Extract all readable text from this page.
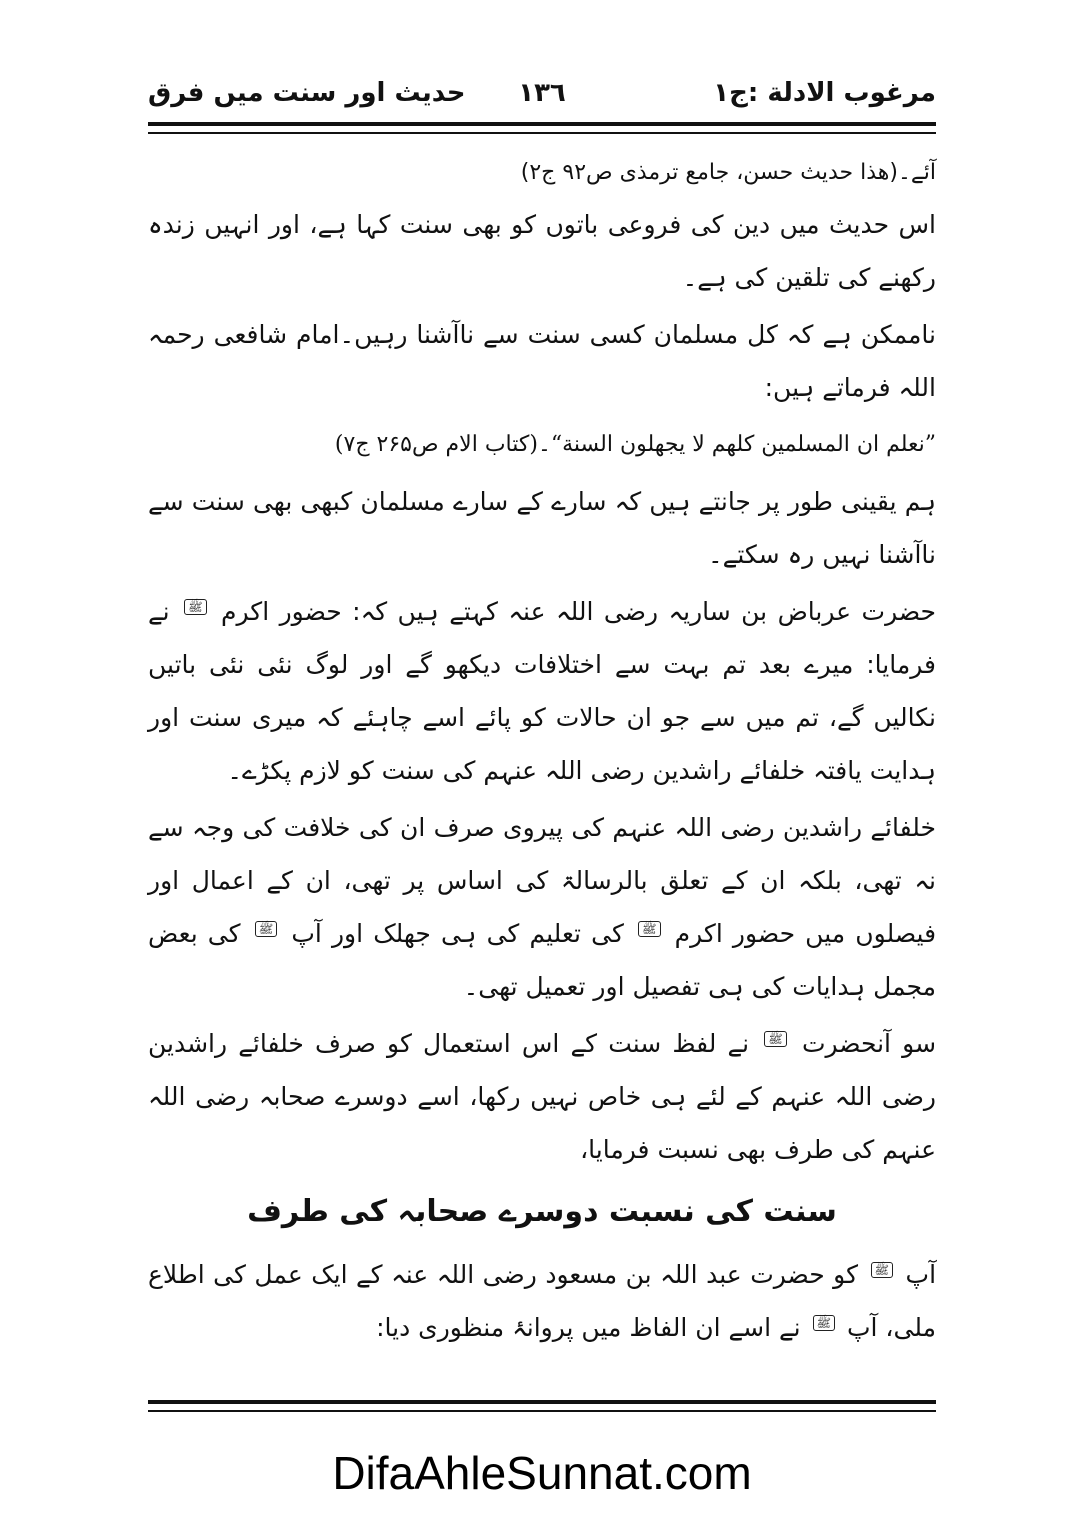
مرغوب الادلة :ج١
١٣٦
حدیث اور سنت میں فرق

آئے۔(ھذا حدیث حسن، جامع ترمذی ص۹۲ ج۲)

اس حدیث میں دین کی فروعی باتوں کو بھی سنت کہا ہے، اور انہیں زندہ رکھنے کی تلقین کی ہے۔

ناممکن ہے کہ کل مسلمان کسی سنت سے ناآشنا رہیں۔امام شافعی رحمہ اللہ فرماتے ہیں:

”نعلم ان المسلمین کلھم لا یجھلون السنة“۔(کتاب الام ص۲۶۵ ج۷)

ہم یقینی طور پر جانتے ہیں کہ سارے کے سارے مسلمان کبھی بھی سنت سے ناآشنا نہیں رہ سکتے۔

حضرت عرباض بن ساریہ رضی اللہ عنہ کہتے ہیں کہ: حضور اکرم ﷺ نے فرمایا: میرے بعد تم بہت سے اختلافات دیکھو گے اور لوگ نئی نئی باتیں نکالیں گے، تم میں سے جو ان حالات کو پائے اسے چاہئے کہ میری سنت اور ہدایت یافتہ خلفائے راشدین رضی اللہ عنہم کی سنت کو لازم پکڑے۔

خلفائے راشدین رضی اللہ عنہم کی پیروی صرف ان کی خلافت کی وجہ سے نہ تھی، بلکہ ان کے تعلق بالرسالۃ کی اساس پر تھی، ان کے اعمال اور فیصلوں میں حضور اکرم ﷺ کی تعلیم کی ہی جھلک اور آپ ﷺ کی بعض مجمل ہدایات کی ہی تفصیل اور تعمیل تھی۔

سو آنحضرت ﷺ نے لفظ سنت کے اس استعمال کو صرف خلفائے راشدین رضی اللہ عنہم کے لئے ہی خاص نہیں رکھا، اسے دوسرے صحابہ رضی اللہ عنہم کی طرف بھی نسبت فرمایا،

سنت کی نسبت دوسرے صحابہ کی طرف

آپ ﷺ کو حضرت عبد اللہ بن مسعود رضی اللہ عنہ کے ایک عمل کی اطلاع ملی، آپ ﷺ نے اسے ان الفاظ میں پروانۂ منظوری دیا:

DifaAhleSunnat.com
